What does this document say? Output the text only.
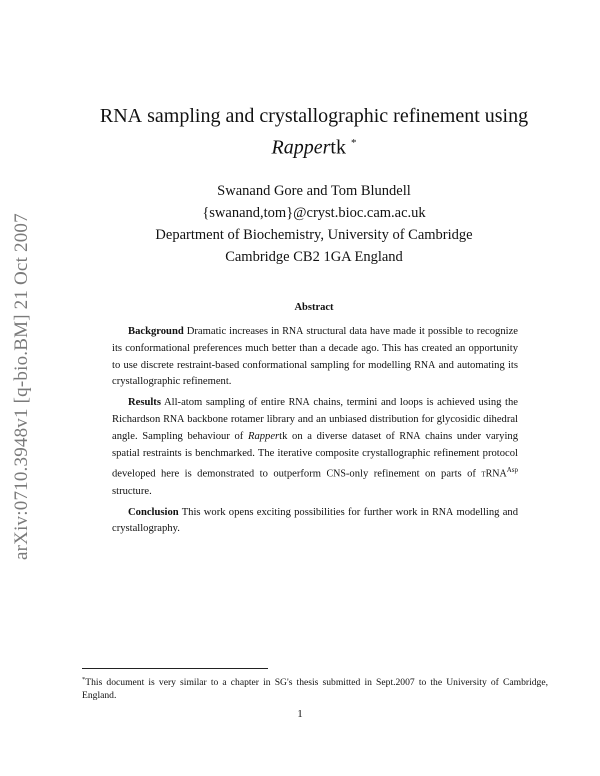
arXiv:0710.3948v1 [q-bio.BM] 21 Oct 2007
RNA sampling and crystallographic refinement using
Rappertk *
Swanand Gore and Tom Blundell
{swanand,tom}@cryst.bioc.cam.ac.uk
Department of Biochemistry, University of Cambridge
Cambridge CB2 1GA England
Abstract

Background Dramatic increases in RNA structural data have made it possible to recognize its conformational preferences much better than a decade ago. This has created an opportunity to use discrete restraint-based conformational sampling for modelling RNA and automating its crystallographic refinement.

Results All-atom sampling of entire RNA chains, termini and loops is achieved using the Richardson RNA backbone rotamer library and an unbiased distribution for glycosidic dihedral angle. Sampling behaviour of Rappertk on a diverse dataset of RNA chains under varying spatial restraints is benchmarked. The iterative composite crystallographic refinement protocol developed here is demonstrated to outperform CNS-only refinement on parts of tRNA$^{Asp}$ structure.

Conclusion This work opens exciting possibilities for further work in RNA modelling and crystallography.

*This document is very similar to a chapter in SG's thesis submitted in Sept.2007 to the University of Cambridge, England.
1
